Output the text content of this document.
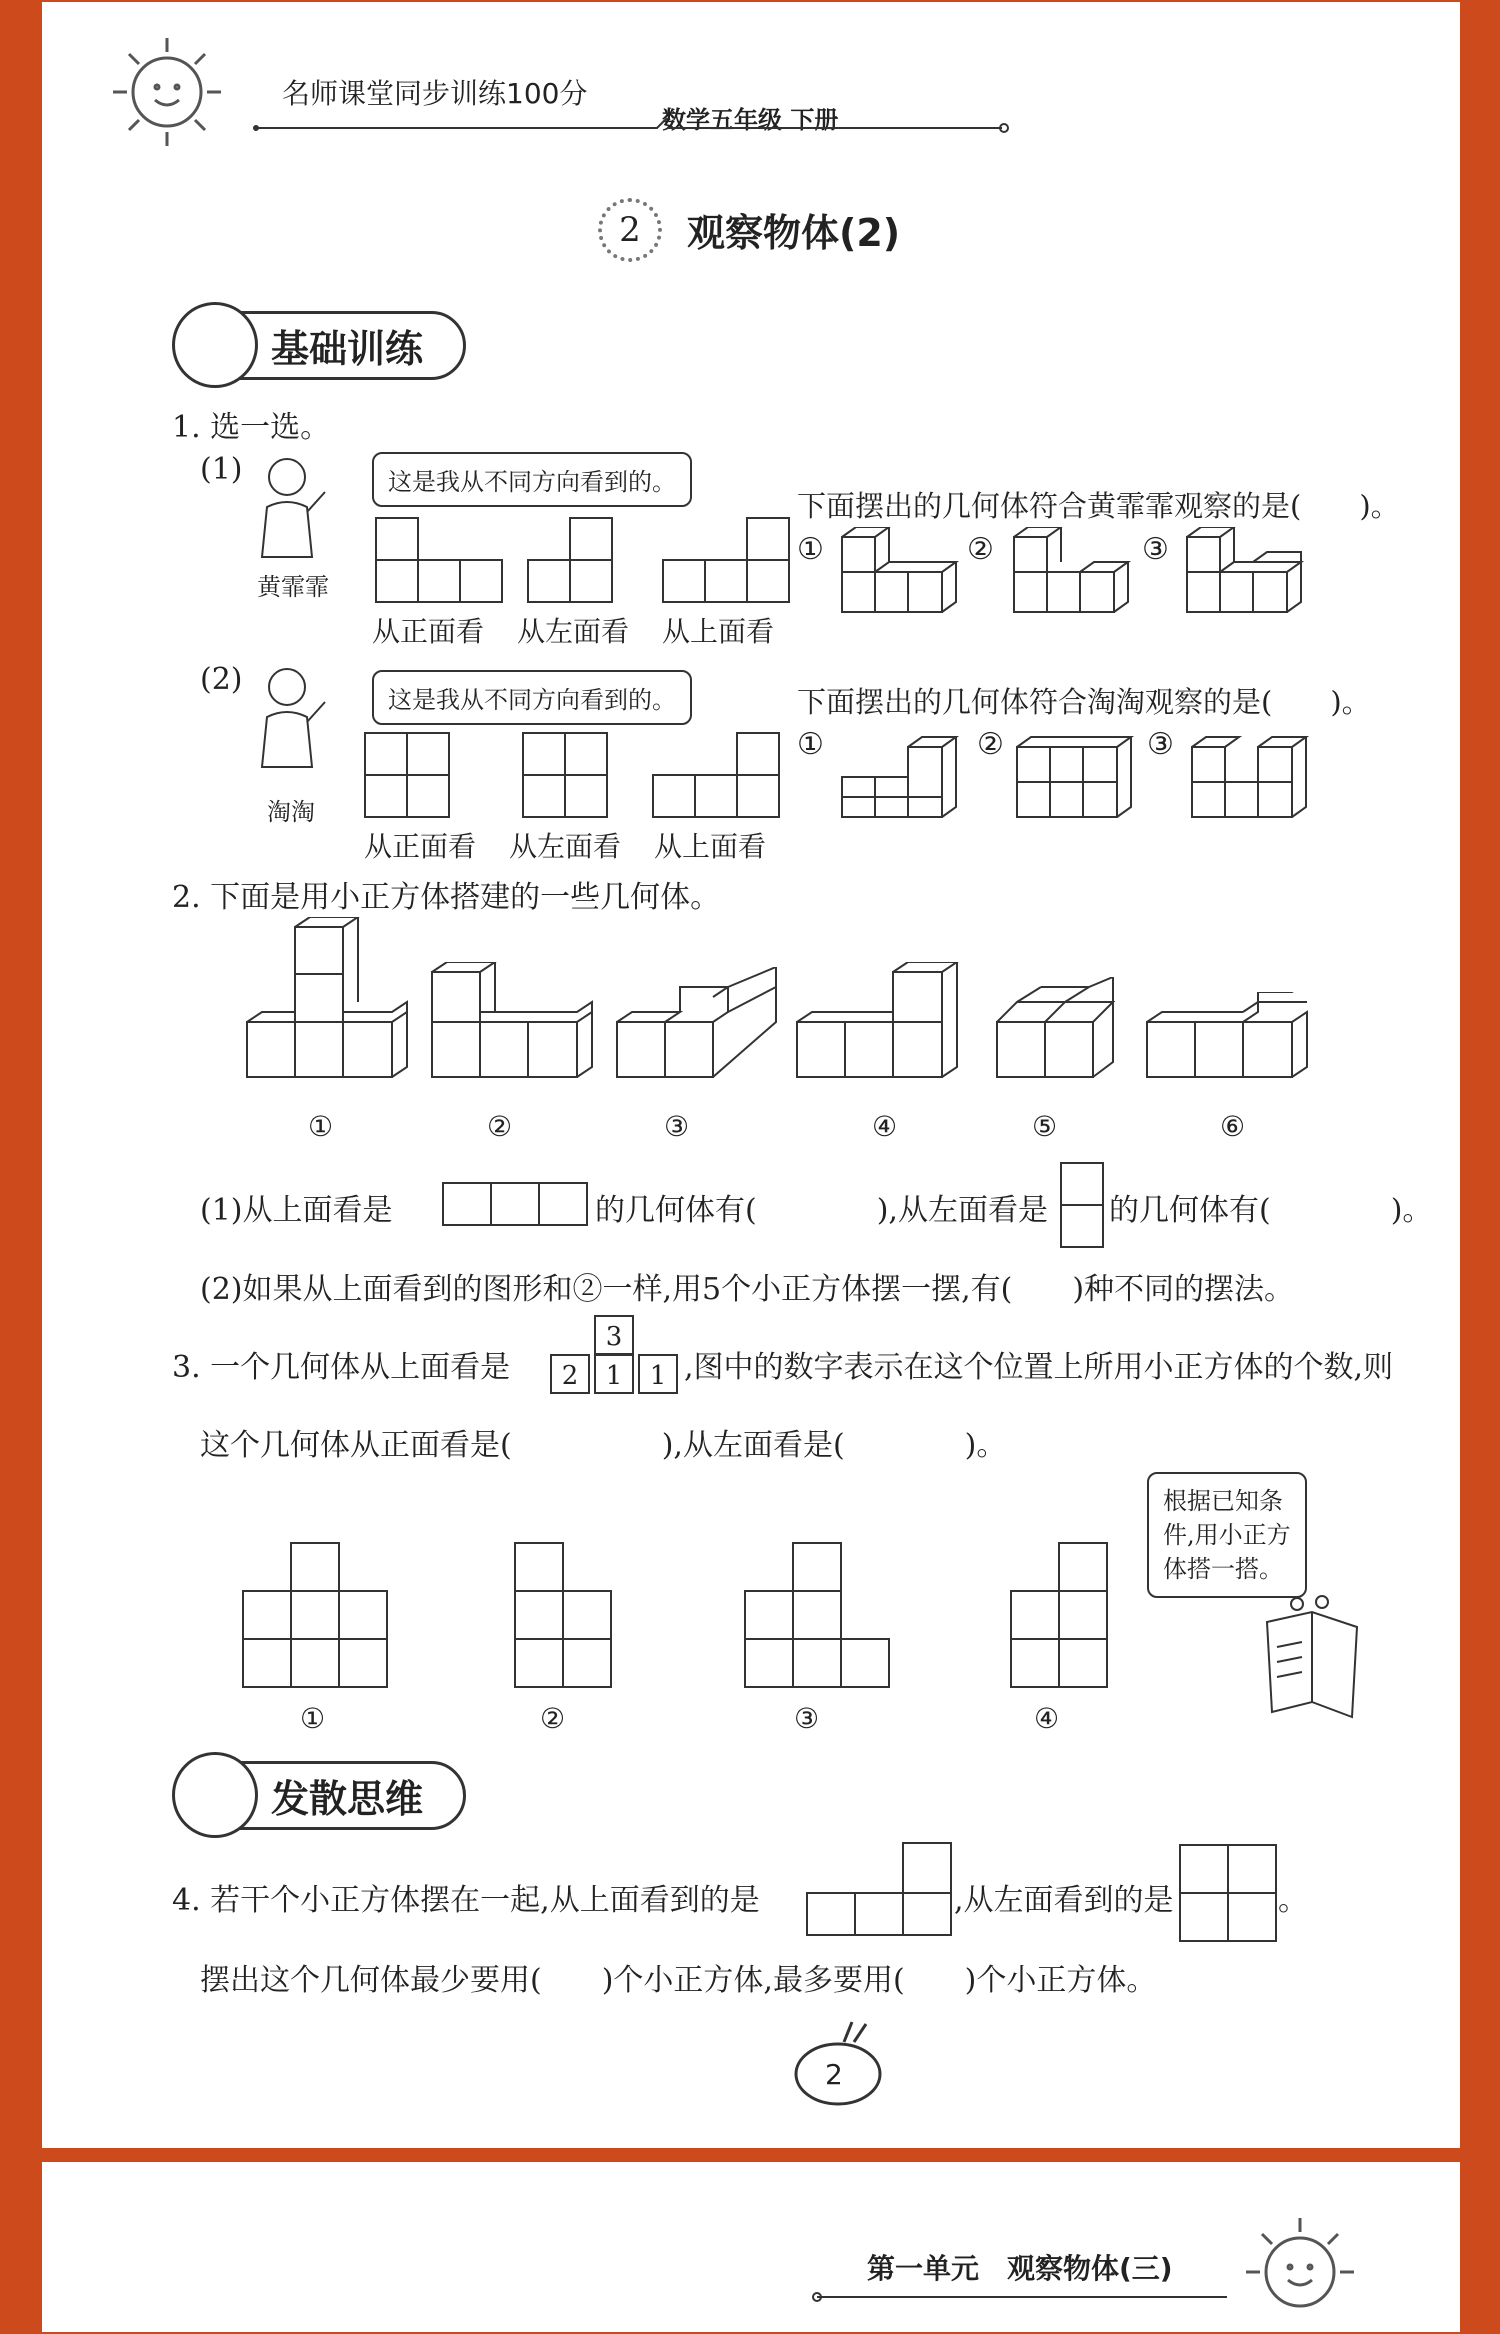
名师课堂同步训练100分
数学五年级 下册
2	观察物体(2)
基础训练
1. 选一选。
(1)
黄霏霏
这是我从不同方向看到的。
从正面看 从左面看 从上面看
下面摆出的几何体符合黄霏霏观察的是(　　)。
①	②	③
(2)
淘淘
这是我从不同方向看到的。
从正面看 从左面看 从上面看
下面摆出的几何体符合淘淘观察的是(　　)。
①	②	③
2. 下面是用小正方体搭建的一些几何体。
①	②	③	④	⑤	⑥
(1)从上面看是	的几何体有(　　　　),从左面看是 的几何体有(　　　　)。
(2)如果从上面看到的图形和②一样,用5个小正方体摆一摆,有(　　)种不同的摆法。
3. 一个几何体从上面看是
3
2	1	1 ,图中的数字表示在这个位置上所用小正方体的个数,则
这个几何体从正面看是(　　　　　),从左面看是(　　　　)。
①	②	③	④
根据已知条
件,用小正方
体搭一搭。
发散思维
4. 若干个小正方体摆在一起,从上面看到的是	,从左面看到的是	。
摆出这个几何体最少要用(　　)个小正方体,最多要用(　　)个小正方体。
2
第一单元　观察物体(三)
